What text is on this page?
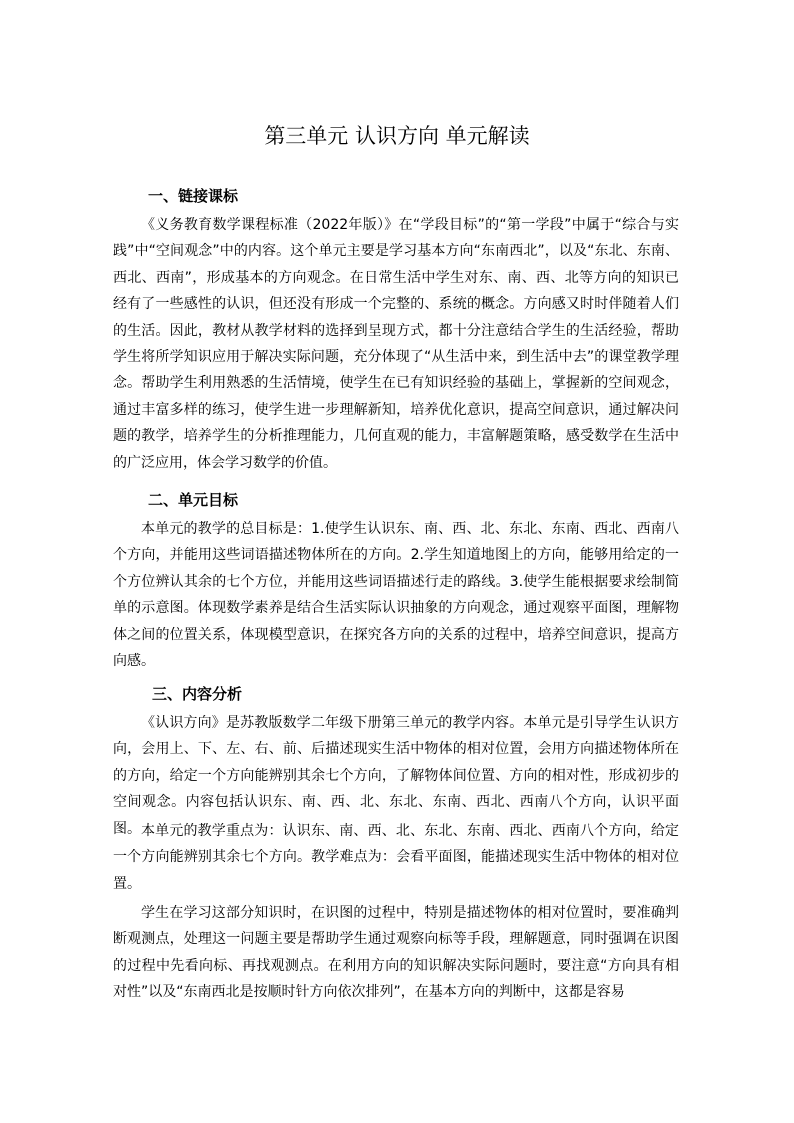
第三单元 认识方向 单元解读
一、链接课标

《义务教育数学课程标准（2022年版）》在“学段目标”的“第一学段”中属于“综合与实践”中“空间观念”中的内容。这个单元主要是学习基本方向“东南西北”，以及“东北、东南、西北、西南”，形成基本的方向观念。在日常生活中学生对东、南、西、北等方向的知识已经有了一些感性的认识，但还没有形成一个完整的、系统的概念。方向感又时时伴随着人们的生活。因此，教材从教学材料的选择到呈现方式，都十分注意结合学生的生活经验，帮助学生将所学知识应用于解决实际问题，充分体现了“从生活中来，到生活中去”的课堂教学理念。帮助学生利用熟悉的生活情境，使学生在已有知识经验的基础上，掌握新的空间观念，通过丰富多样的练习，使学生进一步理解新知，培养优化意识，提高空间意识，通过解决问题的教学，培养学生的分析推理能力，几何直观的能力，丰富解题策略，感受数学在生活中的广泛应用，体会学习数学的价值。

二、单元目标

本单元的教学的总目标是：1.使学生认识东、南、西、北、东北、东南、西北、西南八个方向，并能用这些词语描述物体所在的方向。2.学生知道地图上的方向，能够用给定的一个方位辨认其余的七个方位，并能用这些词语描述行走的路线。3.使学生能根据要求绘制简单的示意图。体现数学素养是结合生活实际认识抽象的方向观念，通过观察平面图，理解物体之间的位置关系，体现模型意识，在探究各方向的关系的过程中，培养空间意识，提高方向感。

三、内容分析

《认识方向》是苏教版数学二年级下册第三单元的教学内容。本单元是引导学生认识方向，会用上、下、左、右、前、后描述现实生活中物体的相对位置，会用方向描述物体所在的方向，给定一个方向能辨别其余七个方向，了解物体间位置、方向的相对性，形成初步的空间观念。内容包括认识东、南、西、北、东北、东南、西北、西南八个方向，认识平面图。 本单元的教学重点为：认识东、南、西、北、东北、东南、西北、西南八个方向，给定一个方向能辨别其余七个方向。教学难点为：会看平面图，能描述现实生活中物体的相对位置。

学生在学习这部分知识时，在识图的过程中，特别是描述物体的相对位置时，要准确判断观测点，处理这一问题主要是帮助学生通过观察向标等手段，理解题意，同时强调在识图的过程中先看向标、再找观测点。在利用方向的知识解决实际问题时，要注意“方向具有相对性”以及“东南西北是按顺时针方向依次排列”，在基本方向的判断中，这都是容易
